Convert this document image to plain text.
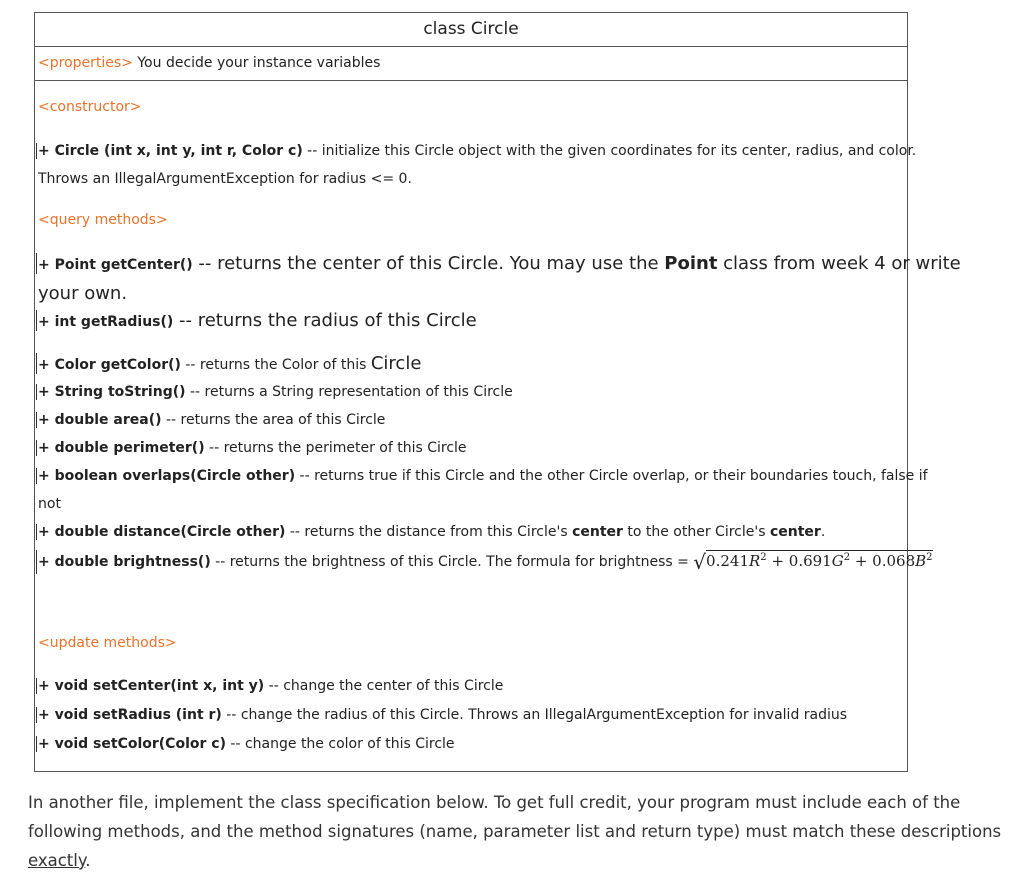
class Circle
<properties> You decide your instance variables
<constructor>
+ Circle (int x, int y, int r, Color c) -- initialize this Circle object with the given coordinates for its center, radius, and color.
Throws an IllegalArgumentException for radius <= 0.
<query methods>
+ Point getCenter() -- returns the center of this Circle. You may use the Point class from week 4 or write
your own.
+ int getRadius() -- returns the radius of this Circle
+ Color getColor() -- returns the Color of this Circle
+ String toString() -- returns a String representation of this Circle
+ double area() -- returns the area of this Circle
+ double perimeter() -- returns the perimeter of this Circle
+ boolean overlaps(Circle other) -- returns true if this Circle and the other Circle overlap, or their boundaries touch, false if
not
+ double distance(Circle other) -- returns the distance from this Circle's center to the other Circle's center.
+ double brightness() -- returns the brightness of this Circle. The formula for brightness = $√0.241R^2 + 0.691G^2 + 0.068B^2$
<update methods>
+ void setCenter(int x, int y) -- change the center of this Circle
+ void setRadius (int r) -- change the radius of this Circle. Throws an IllegalArgumentException for invalid radius
+ void setColor(Color c) -- change the color of this Circle
In another file, implement the class specification below. To get full credit, your program must include each of the following methods, and the method signatures (name, parameter list and return type) must match these descriptions exactly.
